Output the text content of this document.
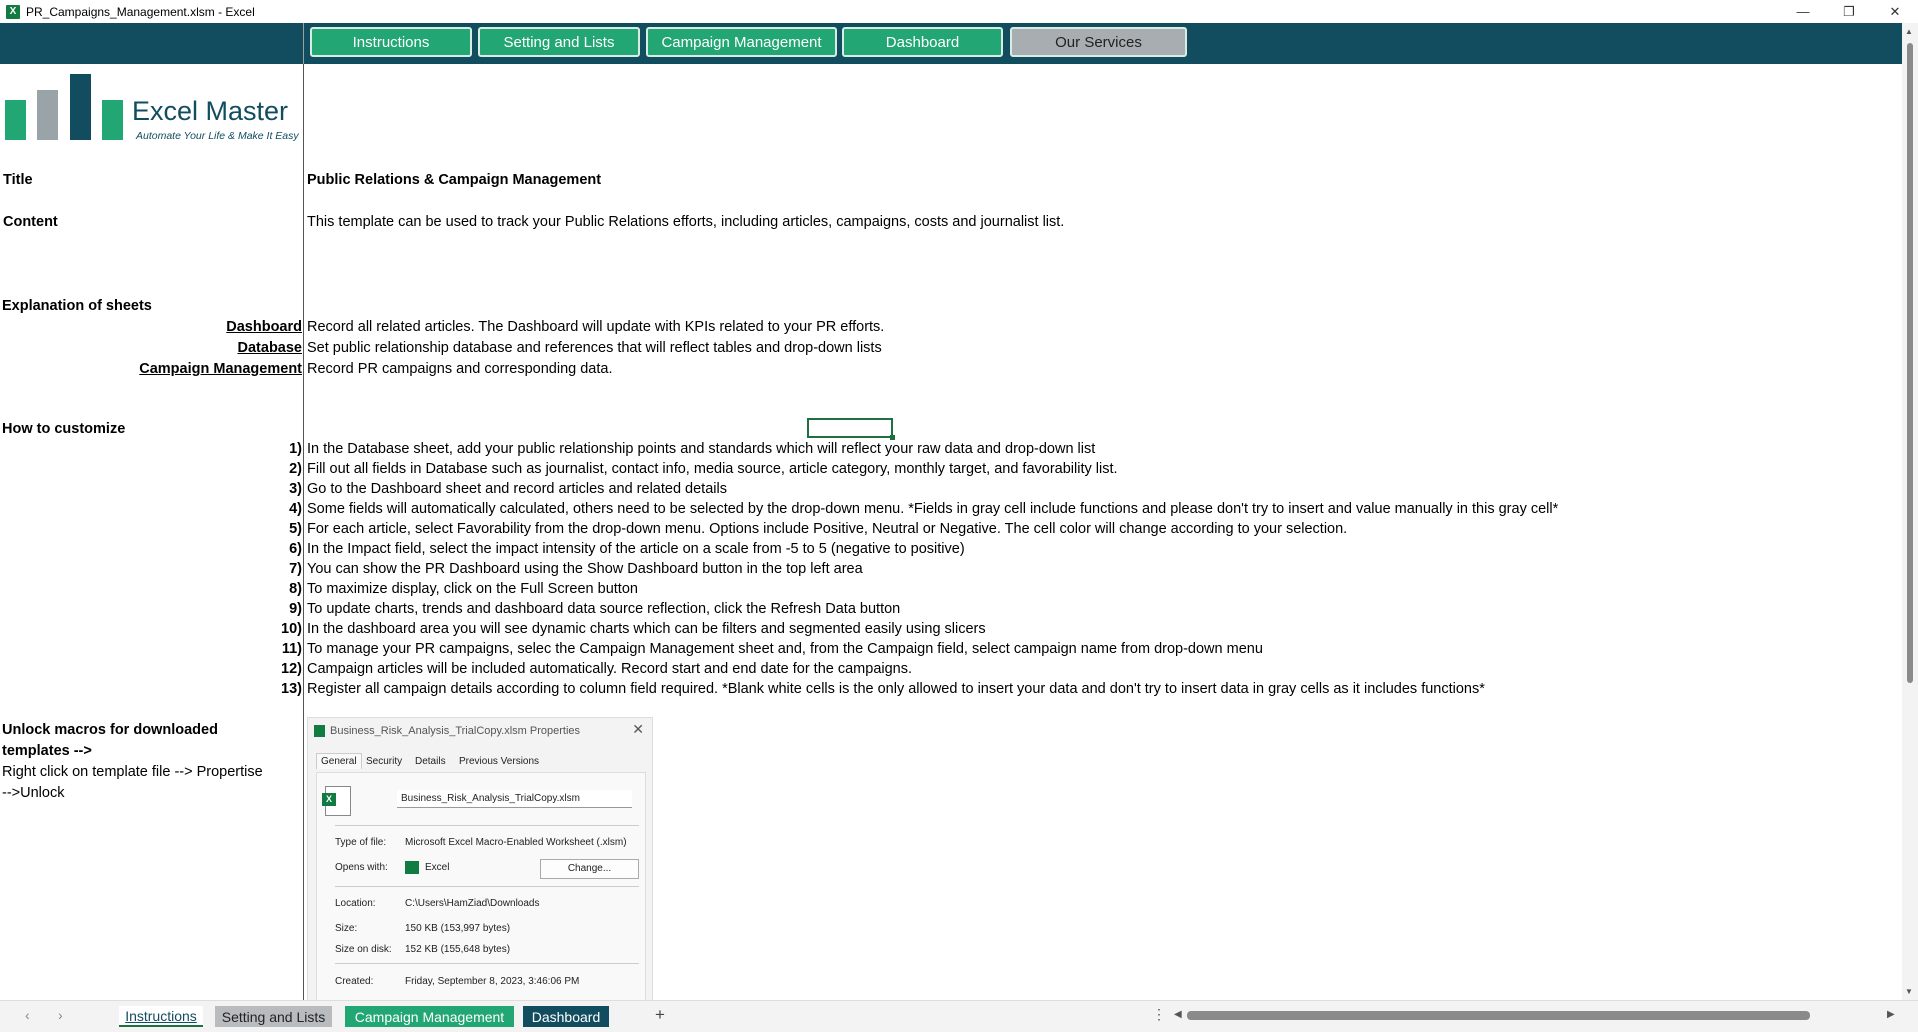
X PR_Campaigns_Management.xlsm - Excel	—	❐	✕
Instructions	Setting and Lists	Campaign Management	Dashboard	Our Services
Excel Master
Automate Your Life & Make It Easy
Title	Public Relations & Campaign Management
Content	This template can be used to track your Public Relations efforts, including articles, campaigns, costs and journalist list.
Explanation of sheets
Dashboard Record all related articles. The Dashboard will update with KPIs related to your PR efforts.
Database Set public relationship database and references that will reflect tables and drop-down lists
Campaign Management Record PR campaigns and corresponding data.
How to customize
1) In the Database sheet, add your public relationship points and standards which will reflect your raw data and drop-down list
2) Fill out all fields in Database such as journalist, contact info, media source, article category, monthly target, and favorability list.
3) Go to the Dashboard sheet and record articles and related details
4) Some fields will automatically calculated, others need to be selected by the drop-down menu. *Fields in gray cell include functions and please don't try to insert and value manually in this gray cell*
5) For each article, select Favorability from the drop-down menu. Options include Positive, Neutral or Negative. The cell color will change according to your selection.
6) In the Impact field, select the impact intensity of the article on a scale from -5 to 5 (negative to positive)
7) You can show the PR Dashboard using the Show Dashboard button in the top left area
8) To maximize display, click on the Full Screen button
9) To update charts, trends and dashboard data source reflection, click the Refresh Data button
10) In the dashboard area you will see dynamic charts which can be filters and segmented easily using slicers
11) To manage your PR campaigns, selec the Campaign Management sheet and, from the Campaign field, select campaign name from drop-down menu
12) Campaign articles will be included automatically. Record start and end date for the campaigns.
13) Register all campaign details according to column field required. *Blank white cells is the only allowed to insert your data and don't try to insert data in gray cells as it includes functions*
Unlock macros for downloaded
templates -->
Right click on template file --> Propertise
-->Unlock
Business_Risk_Analysis_TrialCopy.xlsm Properties	✕
General Security Details Previous Versions
X	Business_Risk_Analysis_TrialCopy.xlsm
Type of file: Microsoft Excel Macro-Enabled Worksheet (.xlsm)
Opens with:	Excel	Change...
Location:	C:\Users\HamZiad\Downloads
Size:	150 KB (153,997 bytes)
Size on disk: 152 KB (155,648 bytes)
Created:	Friday, September 8, 2023, 3:46:06 PM
▲
▼
‹ ›	Instructions	Setting and Lists	Campaign Management	Dashboard	+	⋮ ◀	▶
